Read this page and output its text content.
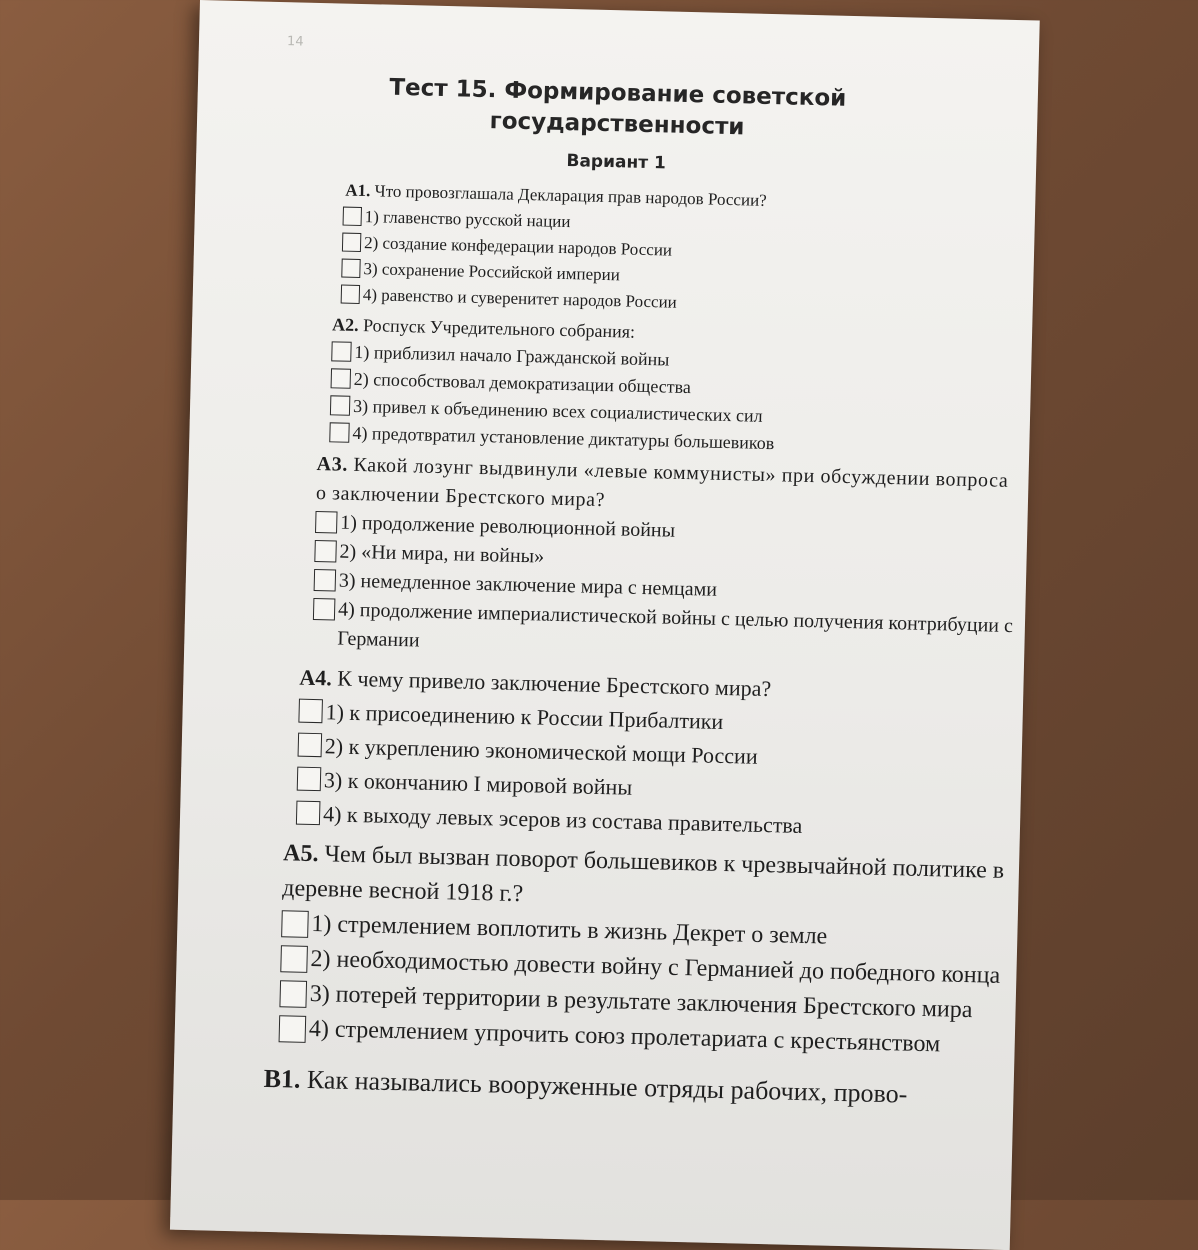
14
Тест 15. Формирование советской
государственности
Вариант 1

А1. Что провозглашала Декларация прав народов России?

1) главенство русской нации
2) создание конфедерации народов России
3) сохранение Российской империи
4) равенство и суверенитет народов России

А2. Роспуск Учредительного собрания:

1) приблизил начало Гражданской войны
2) способствовал демократизации общества
3) привел к объединению всех социалистических сил
4) предотвратил установление диктатуры большевиков

А3. Какой лозунг выдвинули «левые коммунисты» при обсуждении вопроса о заключении Брестского мира?

1) продолжение революционной войны
2) «Ни мира, ни войны»
3) немедленное заключение мира с немцами
4) продолжение империалистической войны с целью получения контрибуции с Германии

А4. К чему привело заключение Брестского мира?

1) к присоединению к России Прибалтики
2) к укреплению экономической мощи России
3) к окончанию I мировой войны
4) к выходу левых эсеров из состава правительства

А5. Чем был вызван поворот большевиков к чрезвычайной политике в деревне весной 1918 г.?

1) стремлением воплотить в жизнь Декрет о земле
2) необходимостью довести войну с Германией до победного конца
3) потерей территории в результате заключения Брестского мира
4) стремлением упрочить союз пролетариата с крестьянством

В1. Как назывались вооруженные отряды рабочих, прово-
